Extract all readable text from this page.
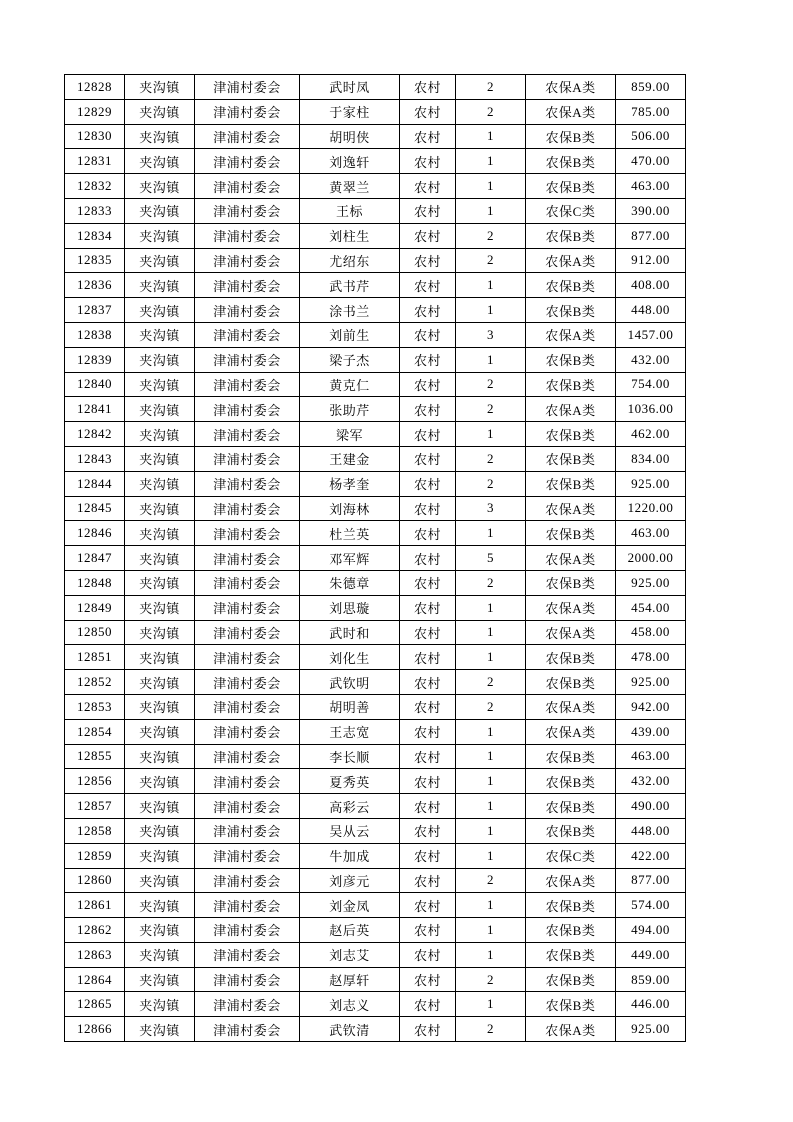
12828	夹沟镇	津浦村委会	武时凤	农村	2	农保A类	859.00
12829	夹沟镇	津浦村委会	于家柱	农村	2	农保A类	785.00
12830	夹沟镇	津浦村委会	胡明侠	农村	1	农保B类	506.00
12831	夹沟镇	津浦村委会	刘逸轩	农村	1	农保B类	470.00
12832	夹沟镇	津浦村委会	黄翠兰	农村	1	农保B类	463.00
12833	夹沟镇	津浦村委会	王标	农村	1	农保C类	390.00
12834	夹沟镇	津浦村委会	刘柱生	农村	2	农保B类	877.00
12835	夹沟镇	津浦村委会	尤绍东	农村	2	农保A类	912.00
12836	夹沟镇	津浦村委会	武书芹	农村	1	农保B类	408.00
12837	夹沟镇	津浦村委会	涂书兰	农村	1	农保B类	448.00
12838	夹沟镇	津浦村委会	刘前生	农村	3	农保A类	1457.00
12839	夹沟镇	津浦村委会	梁子杰	农村	1	农保B类	432.00
12840	夹沟镇	津浦村委会	黄克仁	农村	2	农保B类	754.00
12841	夹沟镇	津浦村委会	张助芹	农村	2	农保A类	1036.00
12842	夹沟镇	津浦村委会	梁军	农村	1	农保B类	462.00
12843	夹沟镇	津浦村委会	王建金	农村	2	农保B类	834.00
12844	夹沟镇	津浦村委会	杨孝奎	农村	2	农保B类	925.00
12845	夹沟镇	津浦村委会	刘海林	农村	3	农保A类	1220.00
12846	夹沟镇	津浦村委会	杜兰英	农村	1	农保B类	463.00
12847	夹沟镇	津浦村委会	邓军辉	农村	5	农保A类	2000.00
12848	夹沟镇	津浦村委会	朱德章	农村	2	农保B类	925.00
12849	夹沟镇	津浦村委会	刘思璇	农村	1	农保A类	454.00
12850	夹沟镇	津浦村委会	武时和	农村	1	农保A类	458.00
12851	夹沟镇	津浦村委会	刘化生	农村	1	农保B类	478.00
12852	夹沟镇	津浦村委会	武钦明	农村	2	农保B类	925.00
12853	夹沟镇	津浦村委会	胡明善	农村	2	农保A类	942.00
12854	夹沟镇	津浦村委会	王志宽	农村	1	农保A类	439.00
12855	夹沟镇	津浦村委会	李长顺	农村	1	农保B类	463.00
12856	夹沟镇	津浦村委会	夏秀英	农村	1	农保B类	432.00
12857	夹沟镇	津浦村委会	高彩云	农村	1	农保B类	490.00
12858	夹沟镇	津浦村委会	吴从云	农村	1	农保B类	448.00
12859	夹沟镇	津浦村委会	牛加成	农村	1	农保C类	422.00
12860	夹沟镇	津浦村委会	刘彦元	农村	2	农保A类	877.00
12861	夹沟镇	津浦村委会	刘金凤	农村	1	农保B类	574.00
12862	夹沟镇	津浦村委会	赵后英	农村	1	农保B类	494.00
12863	夹沟镇	津浦村委会	刘志艾	农村	1	农保B类	449.00
12864	夹沟镇	津浦村委会	赵厚轩	农村	2	农保B类	859.00
12865	夹沟镇	津浦村委会	刘志义	农村	1	农保B类	446.00
12866	夹沟镇	津浦村委会	武钦清	农村	2	农保A类	925.00
